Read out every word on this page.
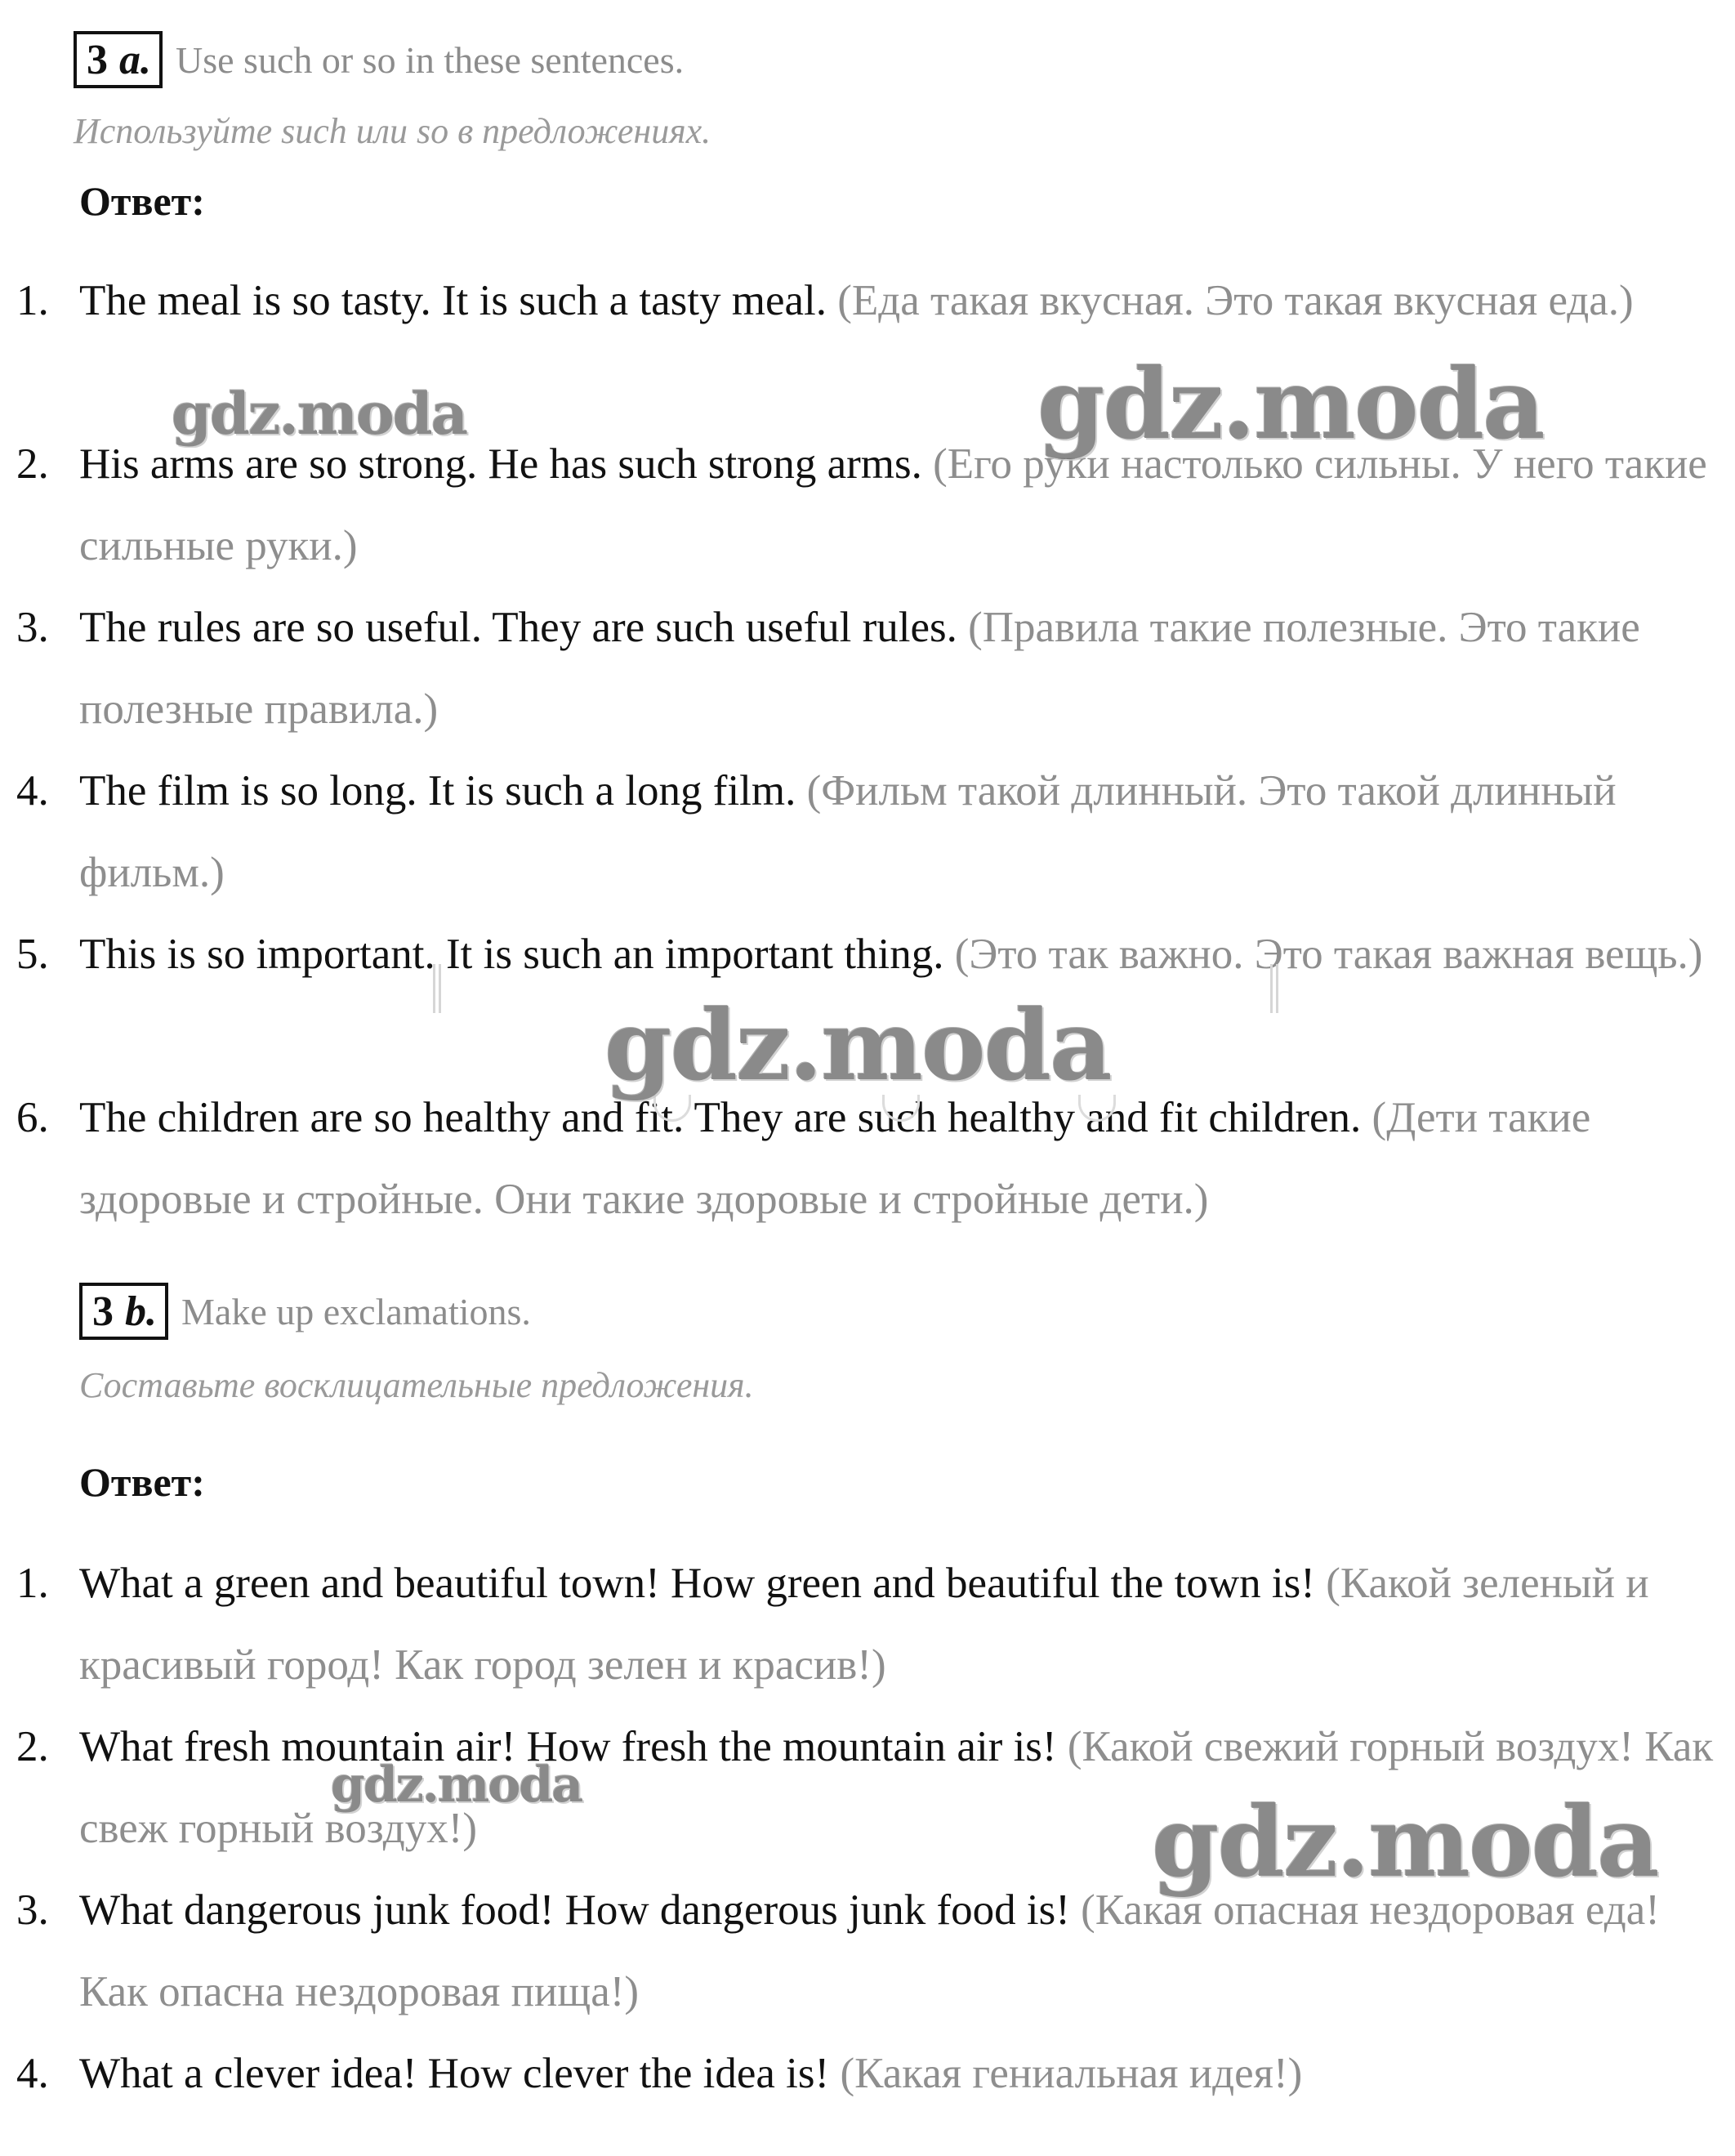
3 a. Use such or so in these sentences.
Используйте such или so в предложениях.
Ответ:
1. The meal is so tasty. It is such a tasty meal. (Еда такая вкусная. Это такая вкусная еда.)
2. His arms are so strong. He has such strong arms. (Его руки настолько сильны. У него такие сильные руки.)
3. The rules are so useful. They are such useful rules. (Правила такие полезные. Это такие полезные правила.)
4. The film is so long. It is such a long film. (Фильм такой длинный. Это такой длинный фильм.)
5. This is so important. It is such an important thing. (Это так важно. Это такая важная вещь.)
6. The children are so healthy and fit. They are such healthy and fit children. (Дети такие здоровые и стройные. Они такие здоровые и стройные дети.)
3 b. Make up exclamations.
Составьте восклицательные предложения.
Ответ:
1. What a green and beautiful town! How green and beautiful the town is! (Какой зеленый и красивый город! Как город зелен и красив!)
2. What fresh mountain air! How fresh the mountain air is! (Какой свежий горный воздух! Как свеж горный воздух!)
3. What dangerous junk food! How dangerous junk food is! (Какая опасная нездоровая еда! Как опасна нездоровая пища!)
4. What a clever idea! How clever the idea is! (Какая гениальная идея!)
gdz.moda	gdz.moda
gdz.moda
gdz.moda	gdz.moda
